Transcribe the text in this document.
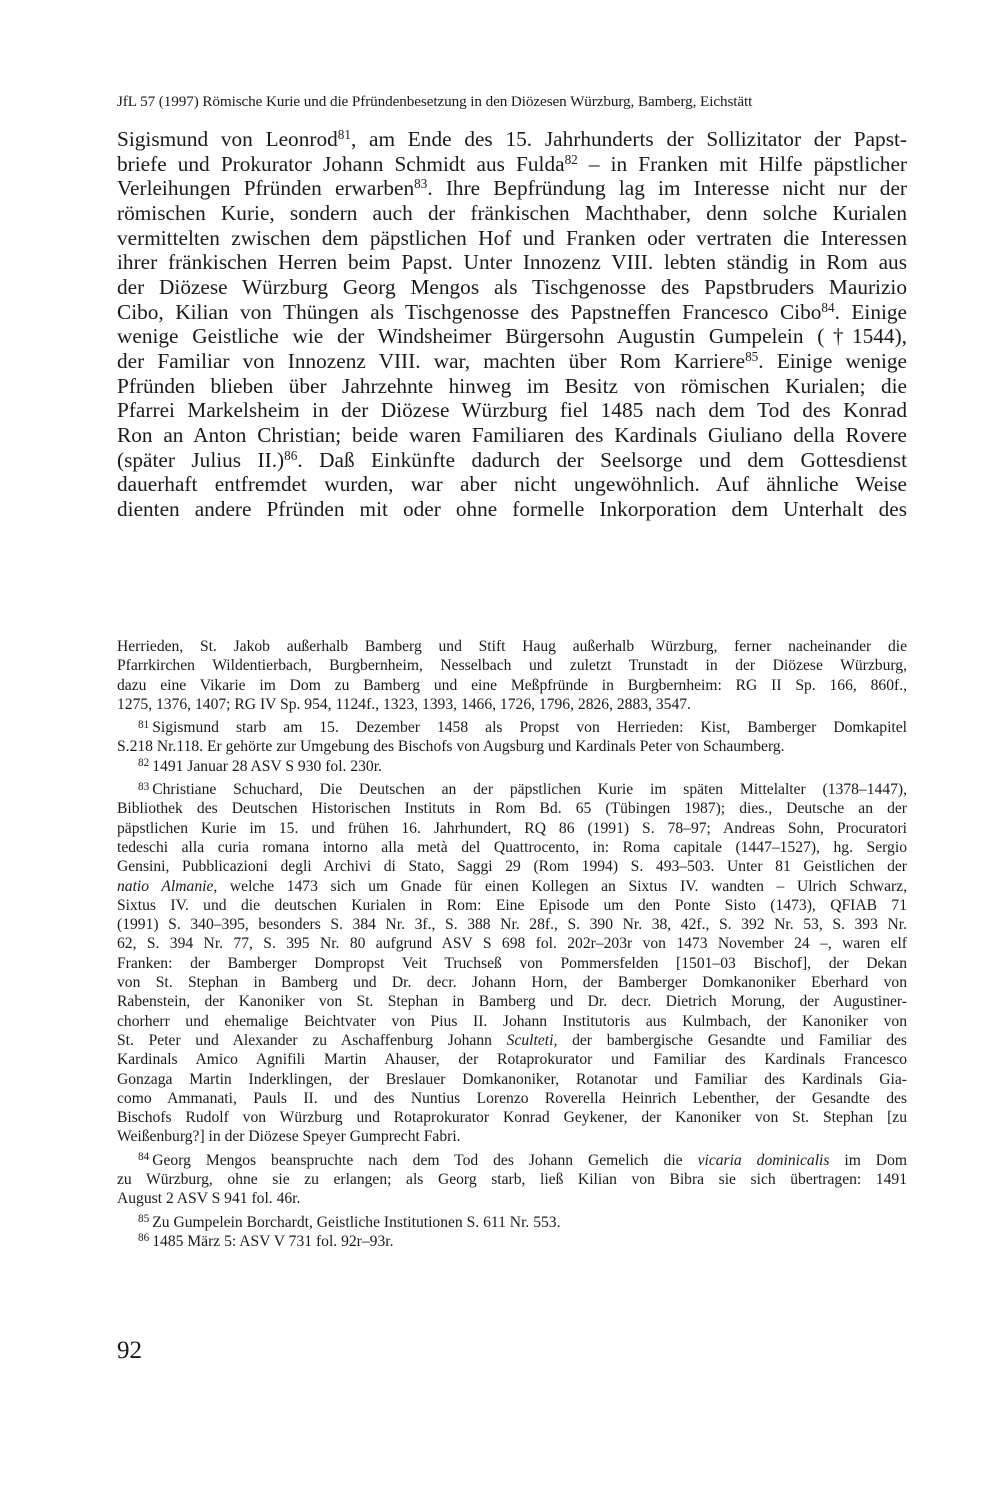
JfL 57 (1997) Römische Kurie und die Pfründenbesetzung in den Diözesen Würzburg, Bamberg, Eichstätt
Sigismund von Leonrod$^{81}$, am Ende des 15. Jahrhunderts der Sollizitator der Papst-
briefe und Prokurator Johann Schmidt aus Fulda$^{82}$ – in Franken mit Hilfe päpstlicher
Verleihungen Pfründen erwarben$^{83}$. Ihre Bepfründung lag im Interesse nicht nur der
römischen Kurie, sondern auch der fränkischen Machthaber, denn solche Kurialen
vermittelten zwischen dem päpstlichen Hof und Franken oder vertraten die Interessen
ihrer fränkischen Herren beim Papst. Unter Innozenz VIII. lebten ständig in Rom aus
der Diözese Würzburg Georg Mengos als Tischgenosse des Papstbruders Maurizio
Cibo, Kilian von Thüngen als Tischgenosse des Papstneffen Francesco Cibo$^{84}$. Einige
wenige Geistliche wie der Windsheimer Bürgersohn Augustin Gumpelein (†1544),
der Familiar von Innozenz VIII. war, machten über Rom Karriere$^{85}$. Einige wenige
Pfründen blieben über Jahrzehnte hinweg im Besitz von römischen Kurialen; die
Pfarrei Markelsheim in der Diözese Würzburg fiel 1485 nach dem Tod des Konrad
Ron an Anton Christian; beide waren Familiaren des Kardinals Giuliano della Rovere
(später Julius II.)$^{86}$. Daß Einkünfte dadurch der Seelsorge und dem Gottesdienst
dauerhaft entfremdet wurden, war aber nicht ungewöhnlich. Auf ähnliche Weise
dienten andere Pfründen mit oder ohne formelle Inkorporation dem Unterhalt des
Herrieden, St. Jakob außerhalb Bamberg und Stift Haug außerhalb Würzburg, ferner nacheinander die
Pfarrkirchen Wildentierbach, Burgbernheim, Nesselbach und zuletzt Trunstadt in der Diözese Würzburg,
dazu eine Vikarie im Dom zu Bamberg und eine Meßpfründe in Burgbernheim: RG II Sp. 166, 860f.,
1275, 1376, 1407; RG IV Sp. 954, 1124f., 1323, 1393, 1466, 1726, 1796, 2826, 2883, 3547.
$^{81}$ Sigismund starb am 15. Dezember 1458 als Propst von Herrieden: Kist, Bamberger Domkapitel
S.218 Nr.118. Er gehörte zur Umgebung des Bischofs von Augsburg und Kardinals Peter von Schaumberg.
$^{82}$ 1491 Januar 28 ASV S 930 fol. 230r.
$^{83}$ Christiane Schuchard, Die Deutschen an der päpstlichen Kurie im späten Mittelalter (1378–1447),
Bibliothek des Deutschen Historischen Instituts in Rom Bd. 65 (Tübingen 1987); dies., Deutsche an der
päpstlichen Kurie im 15. und frühen 16. Jahrhundert, RQ 86 (1991) S. 78–97; Andreas Sohn, Procuratori
tedeschi alla curia romana intorno alla metà del Quattrocento, in: Roma capitale (1447–1527), hg. Sergio
Gensini, Pubblicazioni degli Archivi di Stato, Saggi 29 (Rom 1994) S. 493–503. Unter 81 Geistlichen der
natio Almanie, welche 1473 sich um Gnade für einen Kollegen an Sixtus IV. wandten – Ulrich Schwarz,
Sixtus IV. und die deutschen Kurialen in Rom: Eine Episode um den Ponte Sisto (1473), QFIAB 71
(1991) S. 340–395, besonders S. 384 Nr. 3f., S. 388 Nr. 28f., S. 390 Nr. 38, 42f., S. 392 Nr. 53, S. 393 Nr.
62, S. 394 Nr. 77, S. 395 Nr. 80 aufgrund ASV S 698 fol. 202r–203r von 1473 November 24 –, waren elf
Franken: der Bamberger Dompropst Veit Truchseß von Pommersfelden [1501–03 Bischof], der Dekan
von St. Stephan in Bamberg und Dr. decr. Johann Horn, der Bamberger Domkanoniker Eberhard von
Rabenstein, der Kanoniker von St. Stephan in Bamberg und Dr. decr. Dietrich Morung, der Augustiner-
chorherr und ehemalige Beichtvater von Pius II. Johann Institutoris aus Kulmbach, der Kanoniker von
St. Peter und Alexander zu Aschaffenburg Johann Sculteti, der bambergische Gesandte und Familiar des
Kardinals Amico Agnifili Martin Ahauser, der Rotaprokurator und Familiar des Kardinals Francesco
Gonzaga Martin Inderklingen, der Breslauer Domkanoniker, Rotanotar und Familiar des Kardinals Gia-
como Ammanati, Pauls II. und des Nuntius Lorenzo Roverella Heinrich Lebenther, der Gesandte des
Bischofs Rudolf von Würzburg und Rotaprokurator Konrad Geykener, der Kanoniker von St. Stephan [zu
Weißenburg?] in der Diözese Speyer Gumprecht Fabri.
$^{84}$ Georg Mengos beanspruchte nach dem Tod des Johann Gemelich die vicaria dominicalis im Dom
zu Würzburg, ohne sie zu erlangen; als Georg starb, ließ Kilian von Bibra sie sich übertragen: 1491
August 2 ASV S 941 fol. 46r.
$^{85}$ Zu Gumpelein Borchardt, Geistliche Institutionen S. 611 Nr. 553.
$^{86}$ 1485 März 5: ASV V 731 fol. 92r–93r.
92
